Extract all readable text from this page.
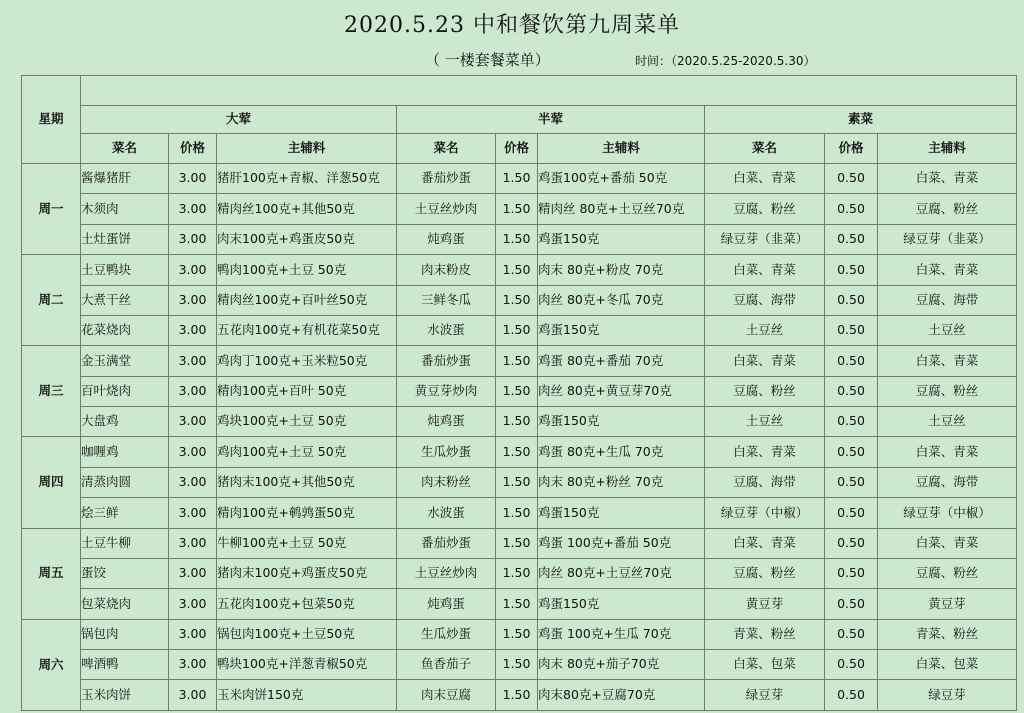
2020.5.23 中和餐饮第九周菜单
（ 一楼套餐菜单）	时间：（2020.5.25-2020.5.30）
星期									
	大荤			半荤			素菜		
	菜名	价格	主辅料	菜名	价格	主辅料	菜名	价格	主辅料
周一	酱爆猪肝	3.00	猪肝100克+青椒、洋葱50克	番茄炒蛋	1.50	鸡蛋100克+番茄 50克	白菜、青菜	0.50	白菜、青菜
	木须肉	3.00	精肉丝100克+其他50克	土豆丝炒肉	1.50	精肉丝 80克+土豆丝70克	豆腐、粉丝	0.50	豆腐、粉丝
	土灶蛋饼	3.00	肉末100克+鸡蛋皮50克	炖鸡蛋	1.50	鸡蛋150克	绿豆芽（韭菜）	0.50	绿豆芽（韭菜）
周二	土豆鸭块	3.00	鸭肉100克+土豆 50克	肉末粉皮	1.50	肉末 80克+粉皮 70克	白菜、青菜	0.50	白菜、青菜
	大煮干丝	3.00	精肉丝100克+百叶丝50克	三鲜冬瓜	1.50	肉丝 80克+冬瓜 70克	豆腐、海带	0.50	豆腐、海带
	花菜烧肉	3.00	五花肉100克+有机花菜50克	水波蛋	1.50	鸡蛋150克	土豆丝	0.50	土豆丝
周三	金玉满堂	3.00	鸡肉丁100克+玉米粒50克	番茄炒蛋	1.50	鸡蛋 80克+番茄 70克	白菜、青菜	0.50	白菜、青菜
	百叶烧肉	3.00	精肉100克+百叶 50克	黄豆芽炒肉	1.50	肉丝 80克+黄豆芽70克	豆腐、粉丝	0.50	豆腐、粉丝
	大盘鸡	3.00	鸡块100克+土豆 50克	炖鸡蛋	1.50	鸡蛋150克	土豆丝	0.50	土豆丝
周四	咖喱鸡	3.00	鸡肉100克+土豆 50克	生瓜炒蛋	1.50	鸡蛋 80克+生瓜 70克	白菜、青菜	0.50	白菜、青菜
	清蒸肉圆	3.00	猪肉末100克+其他50克	肉末粉丝	1.50	肉末 80克+粉丝 70克	豆腐、海带	0.50	豆腐、海带
	烩三鲜	3.00	精肉100克+鹌鹑蛋50克	水波蛋	1.50	鸡蛋150克	绿豆芽（中椒）	0.50	绿豆芽（中椒）
周五	土豆牛柳	3.00	牛柳100克+土豆 50克	番茄炒蛋	1.50	鸡蛋 100克+番茄 50克	白菜、青菜	0.50	白菜、青菜
	蛋饺	3.00	猪肉末100克+鸡蛋皮50克	土豆丝炒肉	1.50	肉丝 80克+土豆丝70克	豆腐、粉丝	0.50	豆腐、粉丝
	包菜烧肉	3.00	五花肉100克+包菜50克	炖鸡蛋	1.50	鸡蛋150克	黄豆芽	0.50	黄豆芽
周六	锅包肉	3.00	锅包肉100克+土豆50克	生瓜炒蛋	1.50	鸡蛋 100克+生瓜 70克	青菜、粉丝	0.50	青菜、粉丝
	啤酒鸭	3.00	鸭块100克+洋葱青椒50克	鱼香茄子	1.50	肉末 80克+茄子70克	白菜、包菜	0.50	白菜、包菜
	玉米肉饼	3.00	玉米肉饼150克	肉末豆腐	1.50	肉末80克+豆腐70克	绿豆芽	0.50	绿豆芽
